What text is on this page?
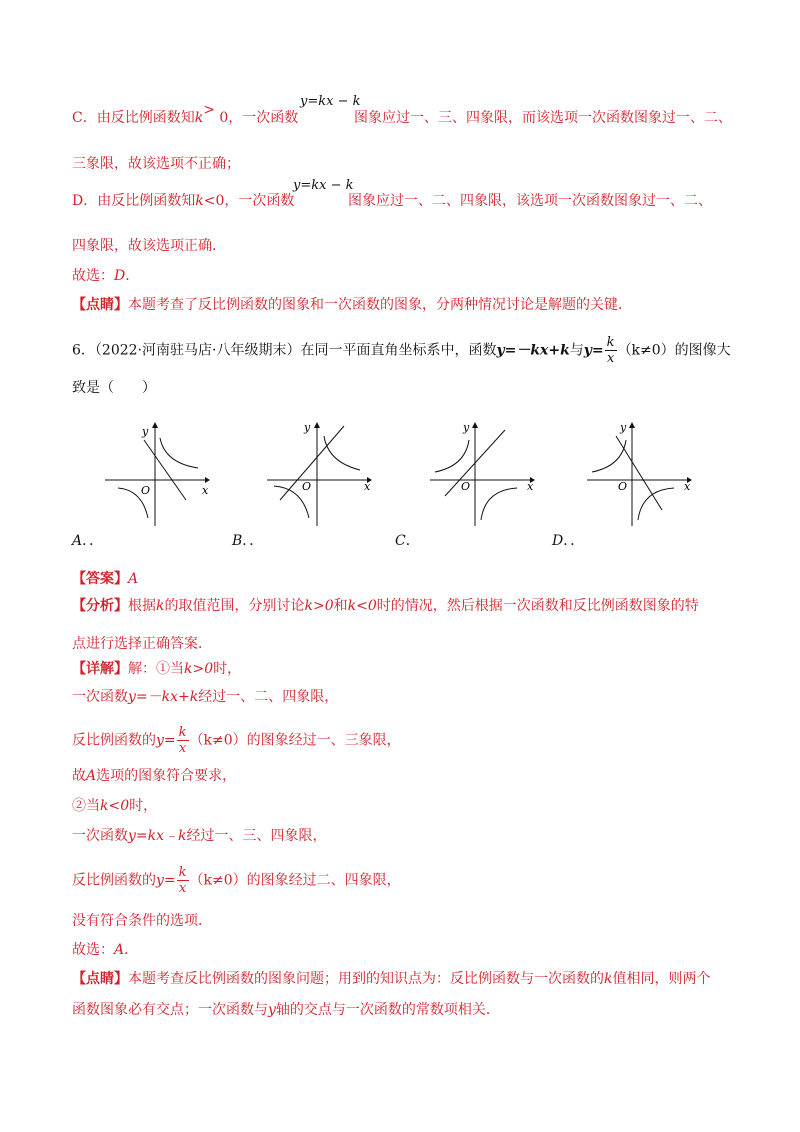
C．由反比例函数知k> 0，一次函数
y=kx − k
图象应过一、三、四象限，而该选项一次函数图象过一、二、
三象限，故该选项不正确；
D．由反比例函数知k<0，一次函数
y=kx − k
图象应过一、二、四象限，该选项一次函数图象过一、二、
四象限，故该选项正确．
故选：D．
【点睛】本题考查了反比例函数的图象和一次函数的图象，分两种情况讨论是解题的关键．
6．（2022·河南驻马店·八年级期末）在同一平面直角坐标系中，函数y=－kx+k与$y= \frac{k}{x} (k\ne 0)$的图像大
致是（　　）
y
x
O
y
x
O
y
x
O
y
x
O
A．．	B．．	C．	D．．
【答案】A
【分析】根据k的取值范围，分别讨论k>0和k<0时的情况，然后根据一次函数和反比例函数图象的特
点进行选择正确答案．
【详解】解：①当k>0时，
一次函数y=－kx+k经过一、二、四象限，
反比例函数的$y= \frac{k}{x} (k\ne 0)$的图象经过一、三象限，
故A选项的图象符合要求，
②当k<0时，
一次函数y=kx﹣k经过一、三、四象限，
反比例函数的$y= \frac{k}{x} (k\ne 0)$的图象经过二、四象限，
没有符合条件的选项．
故选：A．
【点睛】本题考查反比例函数的图象问题；用到的知识点为：反比例函数与一次函数的k值相同，则两个
函数图象必有交点；一次函数与y轴的交点与一次函数的常数项相关．
